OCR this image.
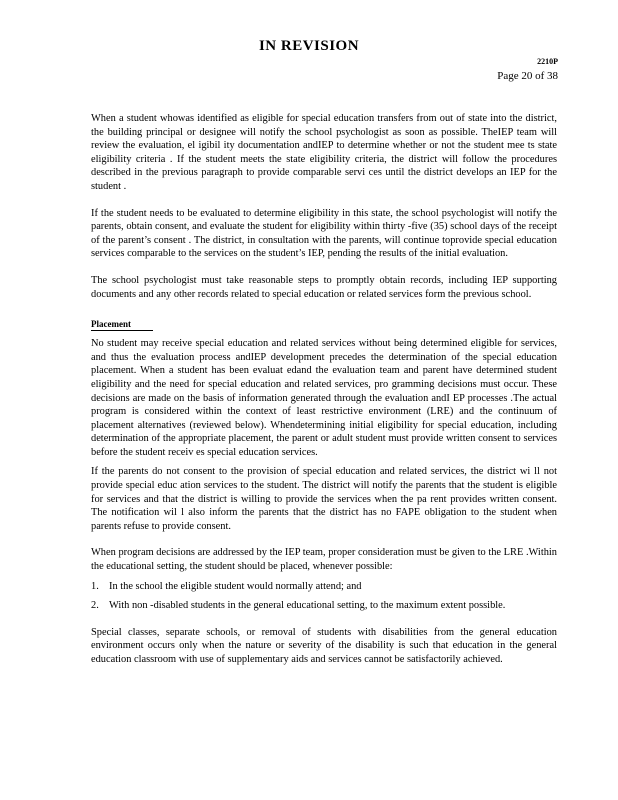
IN REVISION

2210P

Page 20 of 38

When a student whowas identified as eligible for special education transfers from out of state into the district, the building principal or designee will notify the school psychologist as soon as possible. TheIEP team will review the evaluation, el igibil ity documentation andIEP to determine whether or not the student mee ts state eligibility criteria . If the student meets the state eligibility criteria, the district will follow the procedures described in the previous paragraph to provide comparable servi ces until the district develops an IEP for the student .

If the student needs to be evaluated to determine eligibility in this state, the school psychologist will notify the parents, obtain consent, and evaluate the student for eligibility within thirty -five (35) school days of the receipt of the parent’s consent . The district, in consultation with the parents, will continue toprovide special education services comparable to the services on the student’s IEP, pending the results of the initial evaluation.

The school psychologist must take reasonable steps to promptly obtain records, including IEP supporting documents and any other records related to special education or related services form the previous school.

Placement

No student may receive special education and related services without being determined eligible for services, and thus the evaluation process andIEP development precedes the determination of the special education placement. When a student has been evaluat edand the evaluation team and parent have determined student eligibility and the need for special education and related services, pro gramming decisions must occur. These decisions are made on the basis of information generated through the evaluation andI EP processes .The actual program is considered within the context of least restrictive environment (LRE) and the continuum of placement alternatives (reviewed below). Whendetermining initial eligibility for special education, including determination of the appropriate placement, the parent or adult student must provide written consent to services before the student receiv es special education services.

If the parents do not consent to the provision of special education and related services, the district wi ll not provide special educ ation services to the student. The district will notify the parents that the student is eligible for services and that the district is willing to provide the services when the pa rent provides written consent. The notification wil l also inform the parents that the district has no FAPE obligation to the student when parents refuse to provide consent.

When program decisions are addressed by the IEP team, proper consideration must be given to the LRE .Within the educational setting, the student should be placed, whenever possible:

1. In the school the eligible student would normally attend; and
2. With non -disabled students in the general educational setting, to the maximum extent possible.

Special classes, separate schools, or removal of students with disabilities from the general education environment occurs only when the nature or severity of the disability is such that education in the general education classroom with use of supplementary aids and services cannot be satisfactorily achieved.
